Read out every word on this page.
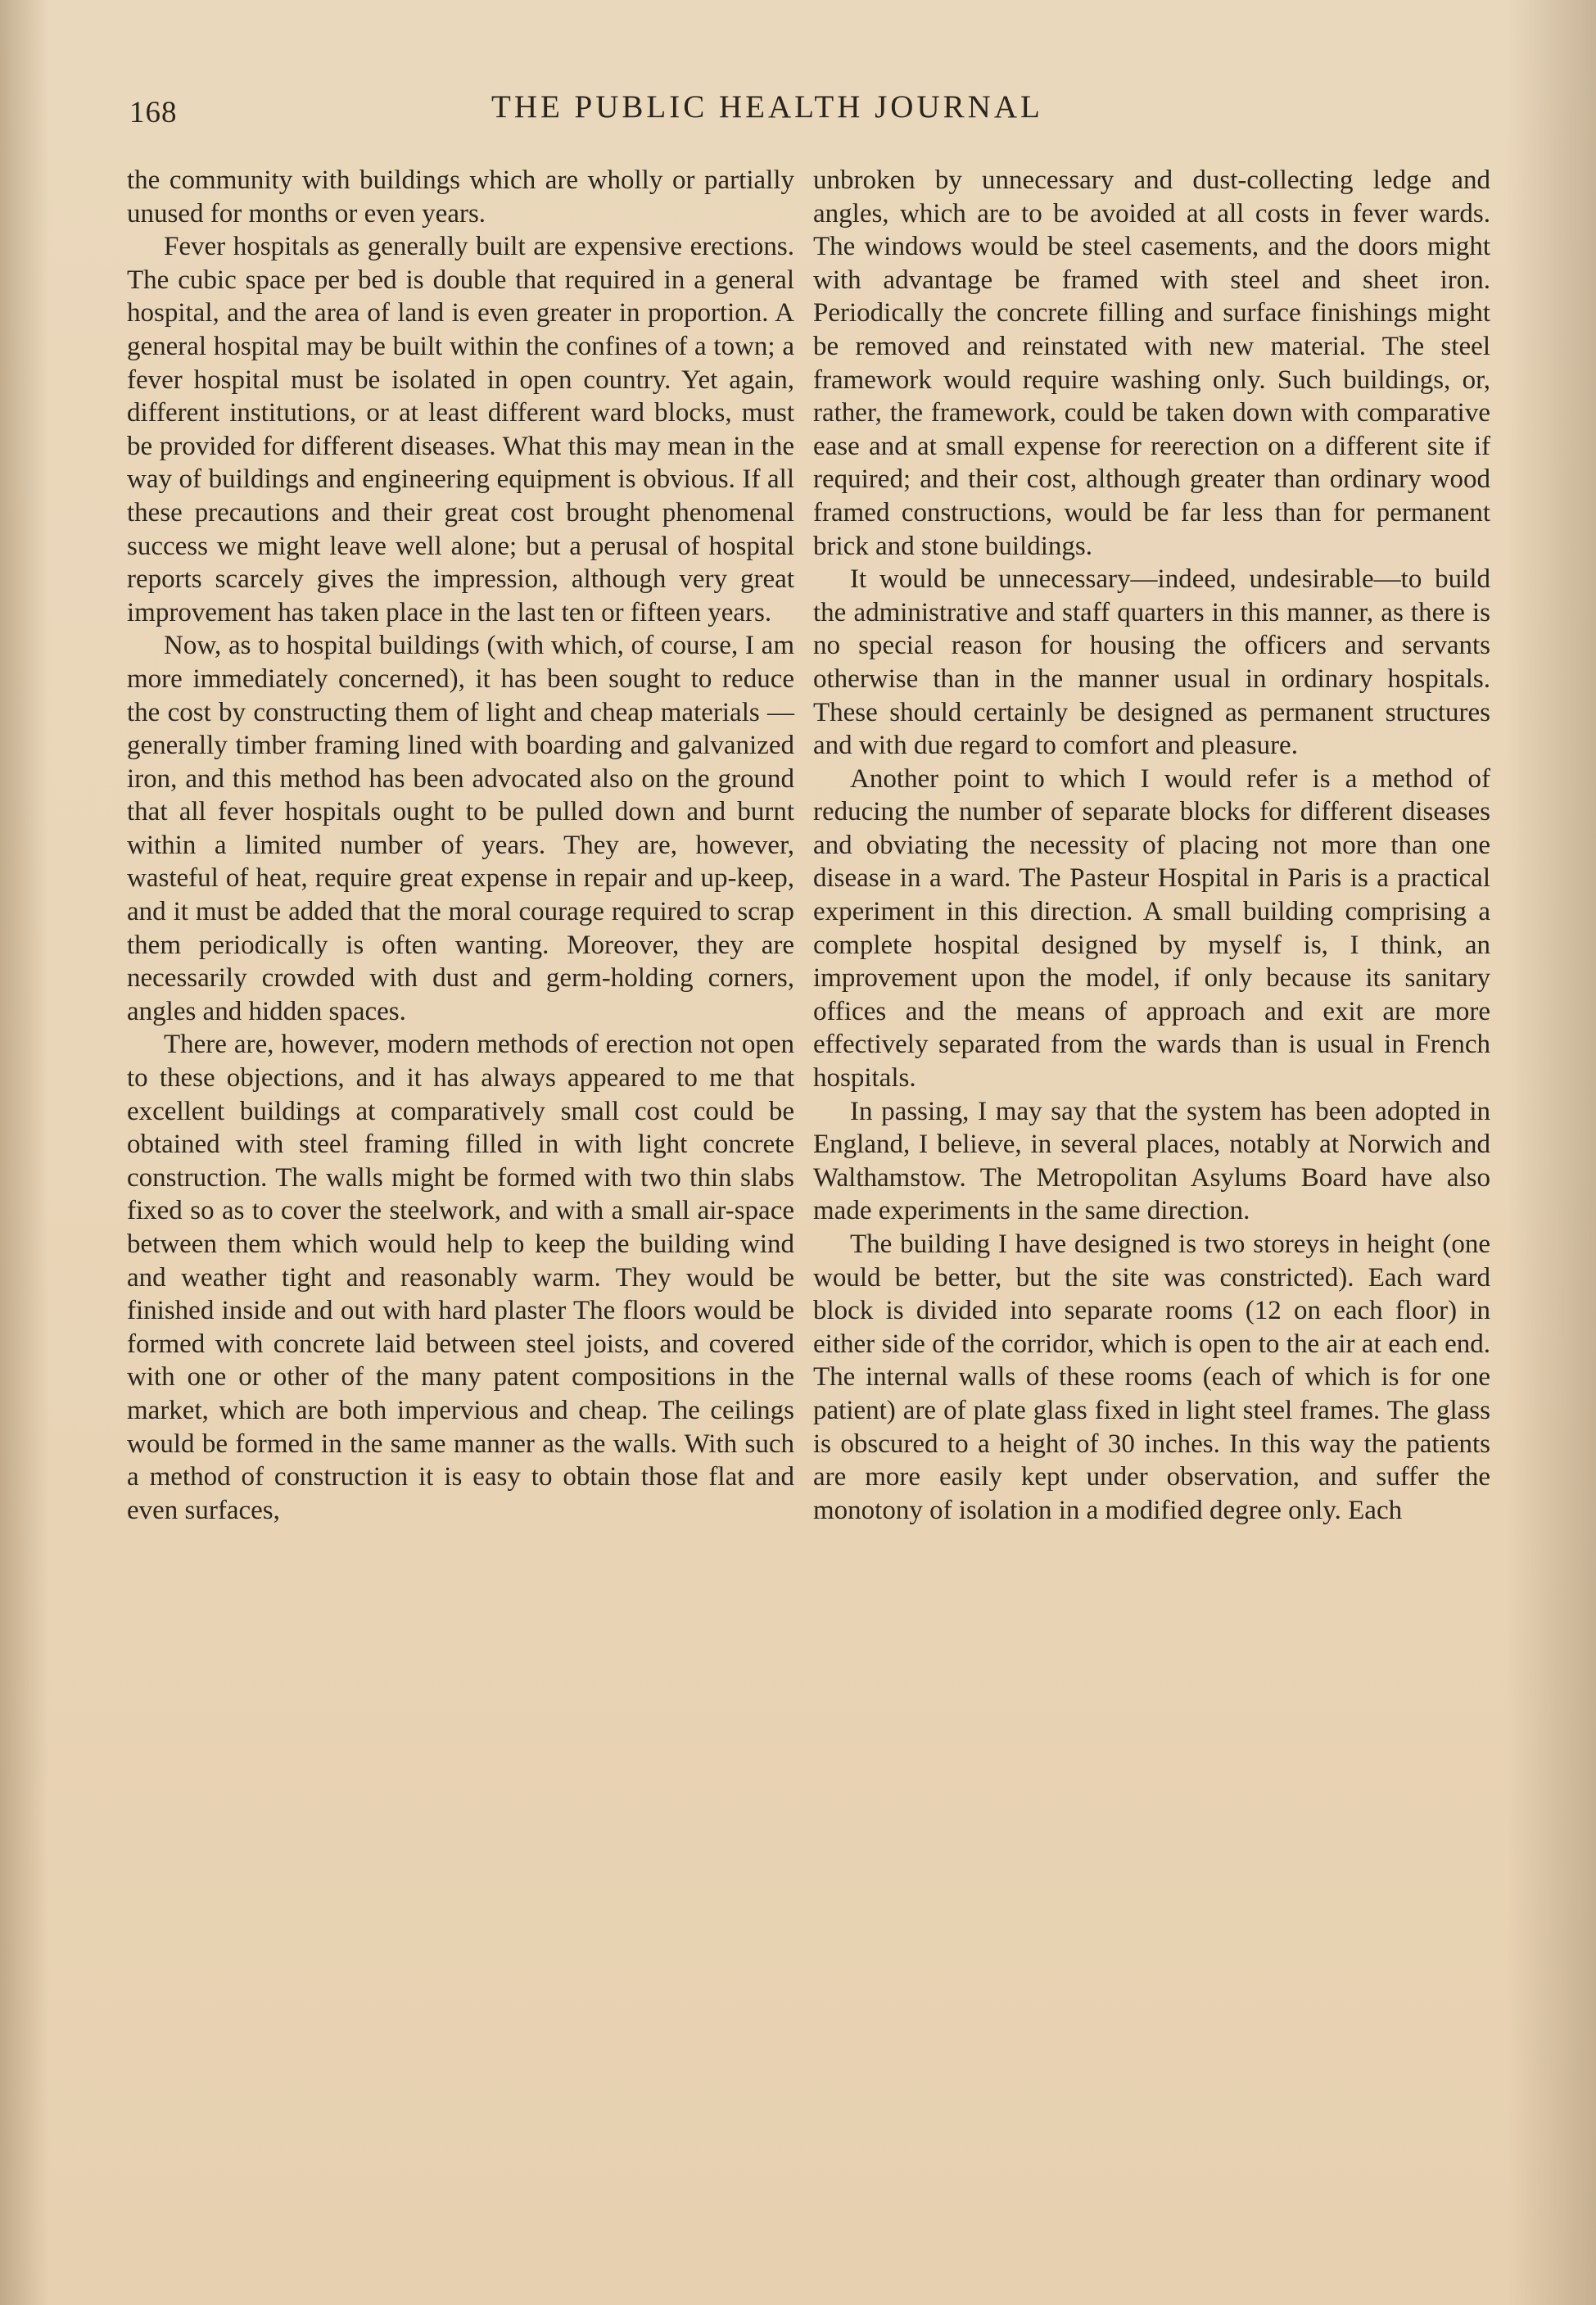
168	THE PUBLIC HEALTH JOURNAL

the community with buildings which are wholly or partially unused for months or even years.

Fever hospitals as generally built are expensive erections. The cubic space per bed is double that required in a general hospital, and the area of land is even greater in proportion. A general hospital may be built within the confines of a town; a fever hospital must be isolated in open country. Yet again, different institutions, or at least different ward blocks, must be provided for different diseases. What this may mean in the way of buildings and engineering equipment is obvious. If all these precautions and their great cost brought phenomenal success we might leave well alone; but a perusal of hospital reports scarcely gives the impression, although very great improvement has taken place in the last ten or fifteen years.

Now, as to hospital buildings (with which, of course, I am more immediately concerned), it has been sought to reduce the cost by constructing them of light and cheap materials — generally timber framing lined with boarding and galvanized iron, and this method has been advocated also on the ground that all fever hospitals ought to be pulled down and burnt within a limited number of years. They are, however, wasteful of heat, require great expense in repair and up-keep, and it must be added that the moral courage required to scrap them periodically is often wanting. Moreover, they are necessarily crowded with dust and germ-holding corners, angles and hidden spaces.

There are, however, modern methods of erection not open to these objections, and it has always appeared to me that excellent buildings at comparatively small cost could be obtained with steel framing filled in with light concrete construction. The walls might be formed with two thin slabs fixed so as to cover the steelwork, and with a small air-space between them which would help to keep the building wind and weather tight and reasonably warm. They would be finished inside and out with hard plaster The floors would be formed with concrete laid between steel joists, and covered with one or other of the many patent compositions in the market, which are both impervious and cheap. The ceilings would be formed in the same manner as the walls. With such a method of construction it is easy to obtain those flat and even surfaces,

unbroken by unnecessary and dust-collecting ledge and angles, which are to be avoided at all costs in fever wards. The windows would be steel casements, and the doors might with advantage be framed with steel and sheet iron. Periodically the concrete filling and surface finishings might be removed and reinstated with new material. The steel framework would require washing only. Such buildings, or, rather, the framework, could be taken down with comparative ease and at small expense for reerection on a different site if required; and their cost, although greater than ordinary wood framed constructions, would be far less than for permanent brick and stone buildings.

It would be unnecessary—indeed, undesirable—to build the administrative and staff quarters in this manner, as there is no special reason for housing the officers and servants otherwise than in the manner usual in ordinary hospitals. These should certainly be designed as permanent structures and with due regard to comfort and pleasure.

Another point to which I would refer is a method of reducing the number of separate blocks for different diseases and obviating the necessity of placing not more than one disease in a ward. The Pasteur Hospital in Paris is a practical experiment in this direction. A small building comprising a complete hospital designed by myself is, I think, an improvement upon the model, if only because its sanitary offices and the means of approach and exit are more effectively separated from the wards than is usual in French hospitals.

In passing, I may say that the system has been adopted in England, I believe, in several places, notably at Norwich and Walthamstow. The Metropolitan Asylums Board have also made experiments in the same direction.

The building I have designed is two storeys in height (one would be better, but the site was constricted). Each ward block is divided into separate rooms (12 on each floor) in either side of the corridor, which is open to the air at each end. The internal walls of these rooms (each of which is for one patient) are of plate glass fixed in light steel frames. The glass is obscured to a height of 30 inches. In this way the patients are more easily kept under observation, and suffer the monotony of isolation in a modified degree only. Each
